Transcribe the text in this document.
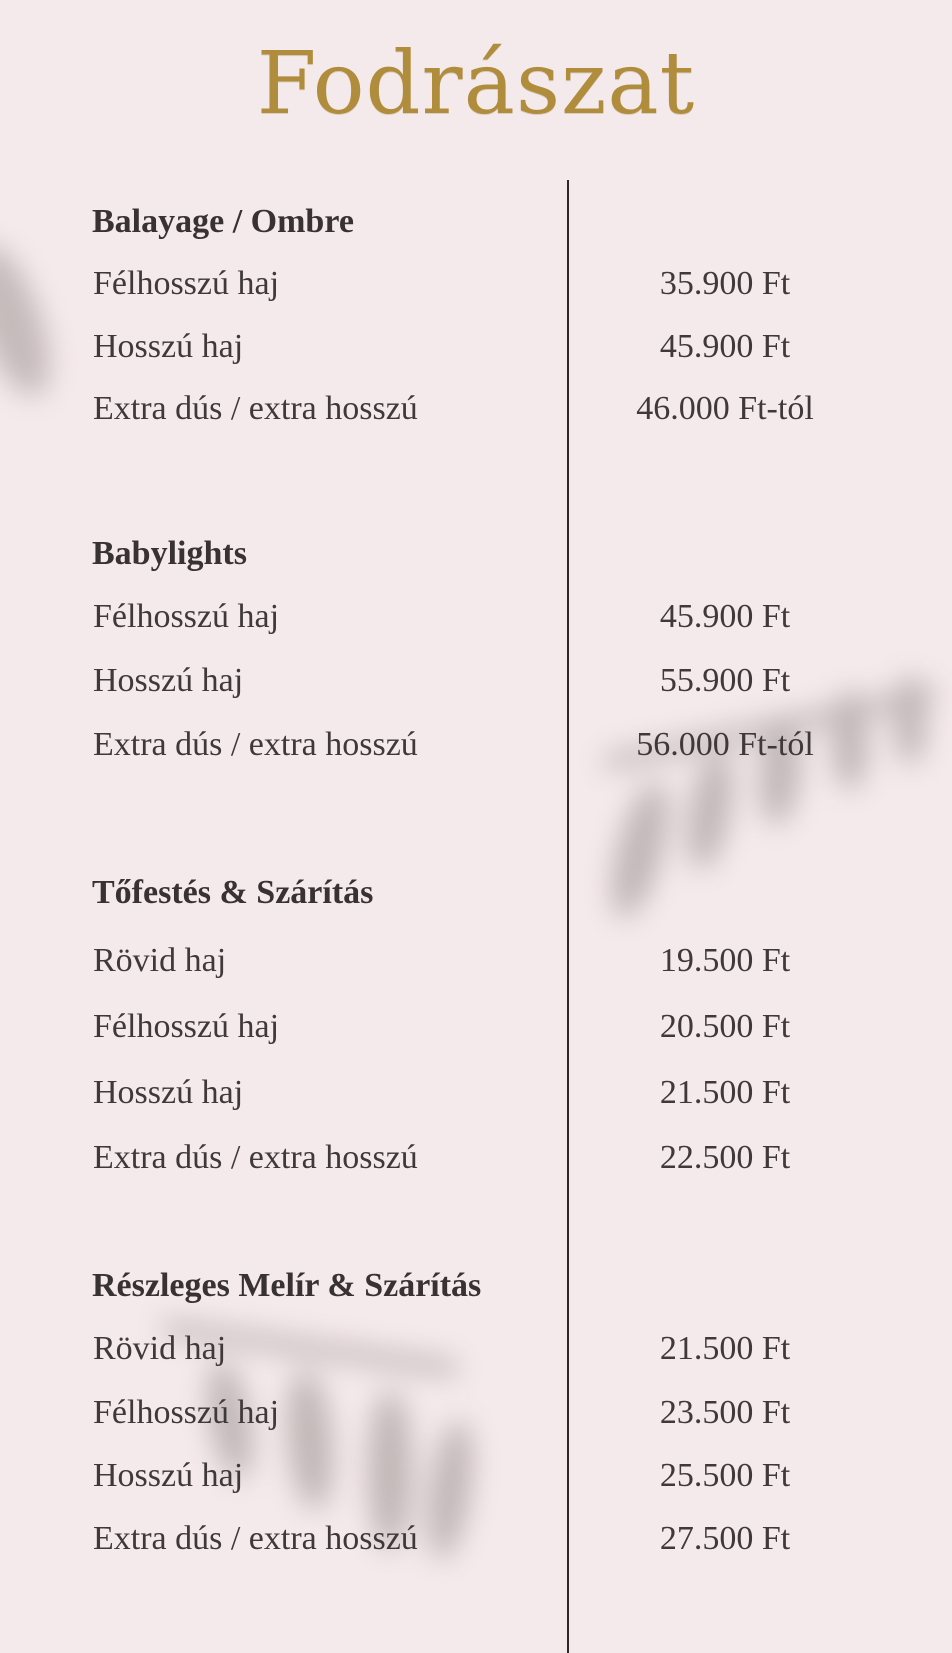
Fodrászat
Balayage / Ombre
Félhosszú haj	35.900 Ft
Hosszú haj	45.900 Ft
Extra dús / extra hosszú	46.000 Ft-tól
Babylights
Félhosszú haj	45.900 Ft
Hosszú haj	55.900 Ft
Extra dús / extra hosszú	56.000 Ft-tól
Tőfestés & Szárítás
Rövid haj	19.500 Ft
Félhosszú haj	20.500 Ft
Hosszú haj	21.500 Ft
Extra dús / extra hosszú	22.500 Ft
Részleges Melír & Szárítás
Rövid haj	21.500 Ft
Félhosszú haj	23.500 Ft
Hosszú haj	25.500 Ft
Extra dús / extra hosszú	27.500 Ft
